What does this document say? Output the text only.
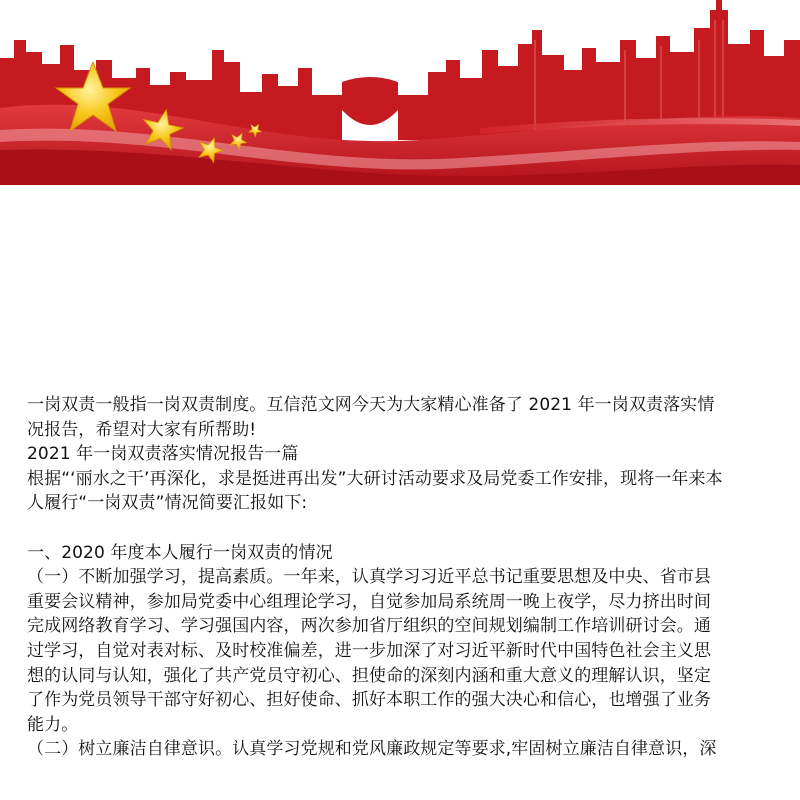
一岗双责一般指一岗双责制度。互信范文网今天为大家精心准备了 2021 年一岗双责落实情

况报告，希望对大家有所帮助!

2021 年一岗双责落实情况报告一篇

根据“‘丽水之干’再深化，求是挺进再出发”大研讨活动要求及局党委工作安排，现将一年来本

人履行“一岗双责”情况简要汇报如下:

一、2020 年度本人履行一岗双责的情况

（一）不断加强学习，提高素质。一年来，认真学习习近平总书记重要思想及中央、省市县

重要会议精神，参加局党委中心组理论学习，自觉参加局系统周一晚上夜学，尽力挤出时间

完成网络教育学习、学习强国内容，两次参加省厅组织的空间规划编制工作培训研讨会。通

过学习，自觉对表对标、及时校准偏差，进一步加深了对习近平新时代中国特色社会主义思

想的认同与认知，强化了共产党员守初心、担使命的深刻内涵和重大意义的理解认识，坚定

了作为党员领导干部守好初心、担好使命、抓好本职工作的强大决心和信心，也增强了业务

能力。

（二）树立廉洁自律意识。认真学习党规和党风廉政规定等要求,牢固树立廉洁自律意识，深
